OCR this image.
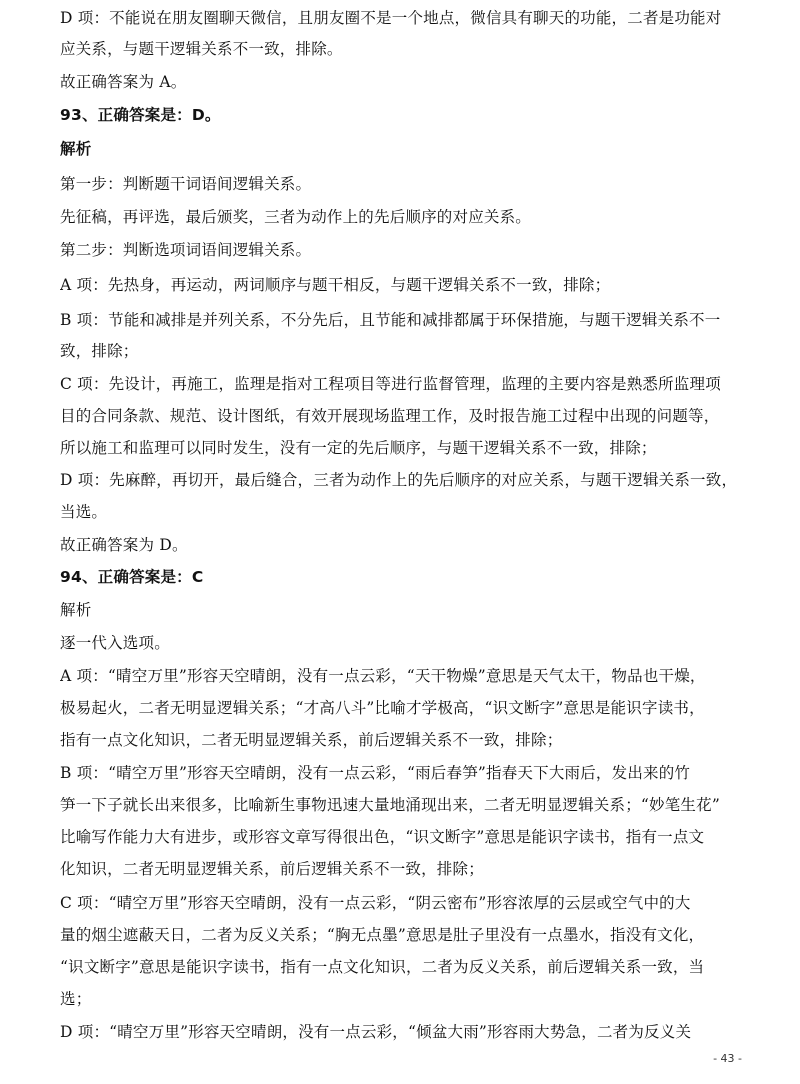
D 项：不能说在朋友圈聊天微信，且朋友圈不是一个地点，微信具有聊天的功能，二者是功能对
应关系，与题干逻辑关系不一致，排除。
故正确答案为 A。
93、正确答案是：D。
解析
第一步：判断题干词语间逻辑关系。
先征稿，再评选，最后颁奖，三者为动作上的先后顺序的对应关系。
第二步：判断选项词语间逻辑关系。
A 项：先热身，再运动，两词顺序与题干相反，与题干逻辑关系不一致，排除；
B 项：节能和减排是并列关系，不分先后，且节能和减排都属于环保措施，与题干逻辑关系不一
致，排除；
C 项：先设计，再施工，监理是指对工程项目等进行监督管理，监理的主要内容是熟悉所监理项
目的合同条款、规范、设计图纸，有效开展现场监理工作，及时报告施工过程中出现的问题等，
所以施工和监理可以同时发生，没有一定的先后顺序，与题干逻辑关系不一致，排除；
D 项：先麻醉，再切开，最后缝合，三者为动作上的先后顺序的对应关系，与题干逻辑关系一致，
当选。
故正确答案为 D。
94、正确答案是：C
解析
逐一代入选项。
A 项：“晴空万里”形容天空晴朗，没有一点云彩，“天干物燥”意思是天气太干，物品也干燥，
极易起火，二者无明显逻辑关系；“才高八斗”比喻才学极高，“识文断字”意思是能识字读书，
指有一点文化知识，二者无明显逻辑关系，前后逻辑关系不一致，排除；
B 项：“晴空万里”形容天空晴朗，没有一点云彩，“雨后春笋”指春天下大雨后，发出来的竹
笋一下子就长出来很多，比喻新生事物迅速大量地涌现出来，二者无明显逻辑关系；“妙笔生花”
比喻写作能力大有进步，或形容文章写得很出色，“识文断字”意思是能识字读书，指有一点文
化知识，二者无明显逻辑关系，前后逻辑关系不一致，排除；
C 项：“晴空万里”形容天空晴朗，没有一点云彩，“阴云密布”形容浓厚的云层或空气中的大
量的烟尘遮蔽天日，二者为反义关系；“胸无点墨”意思是肚子里没有一点墨水，指没有文化，
“识文断字”意思是能识字读书，指有一点文化知识，二者为反义关系，前后逻辑关系一致，当
选；
D 项：“晴空万里”形容天空晴朗，没有一点云彩，“倾盆大雨”形容雨大势急，二者为反义关
- 43 -
